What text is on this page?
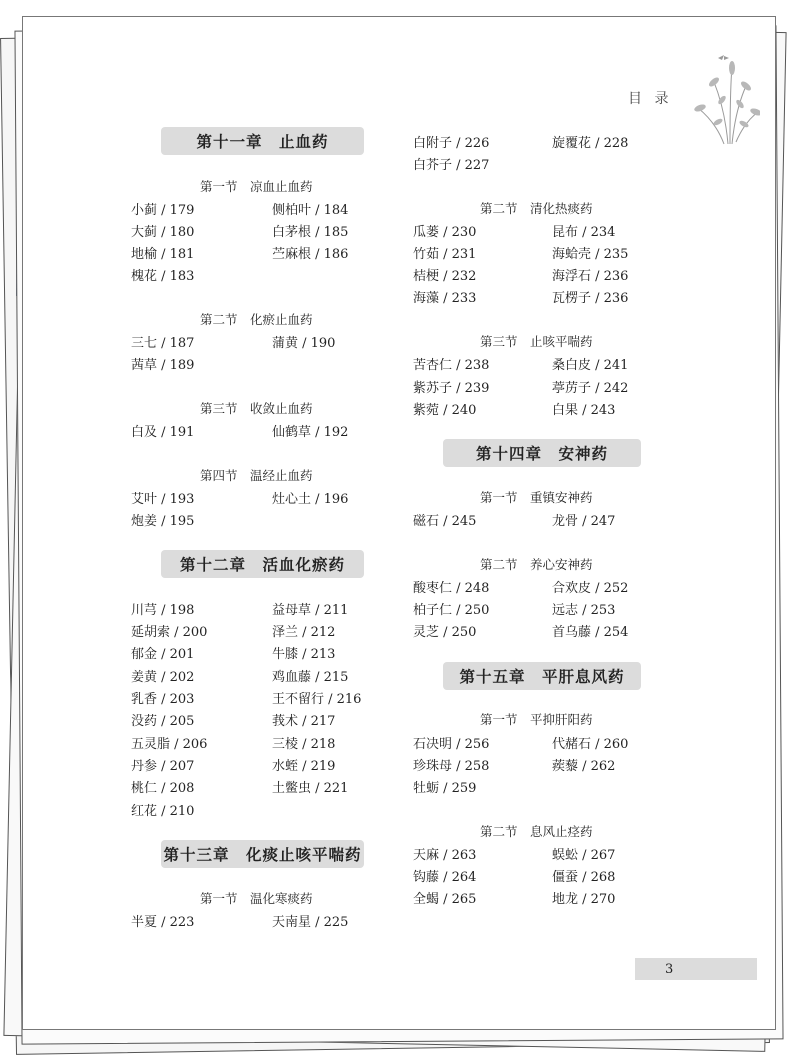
目 录
第十一章　止血药
第一节　凉血止血药
小蓟 / 179	侧柏叶 / 184
大蓟 / 180	白茅根 / 185
地榆 / 181	苎麻根 / 186
槐花 / 183
第二节　化瘀止血药
三七 / 187	蒲黄 / 190
茜草 / 189
第三节　收敛止血药
白及 / 191	仙鹤草 / 192
第四节　温经止血药
艾叶 / 193	灶心土 / 196
炮姜 / 195
第十二章　活血化瘀药
川芎 / 198	益母草 / 211
延胡索 / 200	泽兰 / 212
郁金 / 201	牛膝 / 213
姜黄 / 202	鸡血藤 / 215
乳香 / 203	王不留行 / 216
没药 / 205	莪术 / 217
五灵脂 / 206	三棱 / 218
丹参 / 207	水蛭 / 219
桃仁 / 208	土鳖虫 / 221
红花 / 210
第十三章　化痰止咳平喘药
第一节　温化寒痰药
半夏 / 223	天南星 / 225
白附子 / 226	旋覆花 / 228
白芥子 / 227
第二节　清化热痰药
瓜蒌 / 230	昆布 / 234
竹茹 / 231	海蛤壳 / 235
桔梗 / 232	海浮石 / 236
海藻 / 233	瓦楞子 / 236
第三节　止咳平喘药
苦杏仁 / 238	桑白皮 / 241
紫苏子 / 239	葶苈子 / 242
紫菀 / 240	白果 / 243
第十四章　安神药
第一节　重镇安神药
磁石 / 245	龙骨 / 247
第二节　养心安神药
酸枣仁 / 248	合欢皮 / 252
柏子仁 / 250	远志 / 253
灵芝 / 250	首乌藤 / 254
第十五章　平肝息风药
第一节　平抑肝阳药
石决明 / 256	代赭石 / 260
珍珠母 / 258	蒺藜 / 262
牡蛎 / 259
第二节　息风止痉药
天麻 / 263	蜈蚣 / 267
钩藤 / 264	僵蚕 / 268
全蝎 / 265	地龙 / 270
3
